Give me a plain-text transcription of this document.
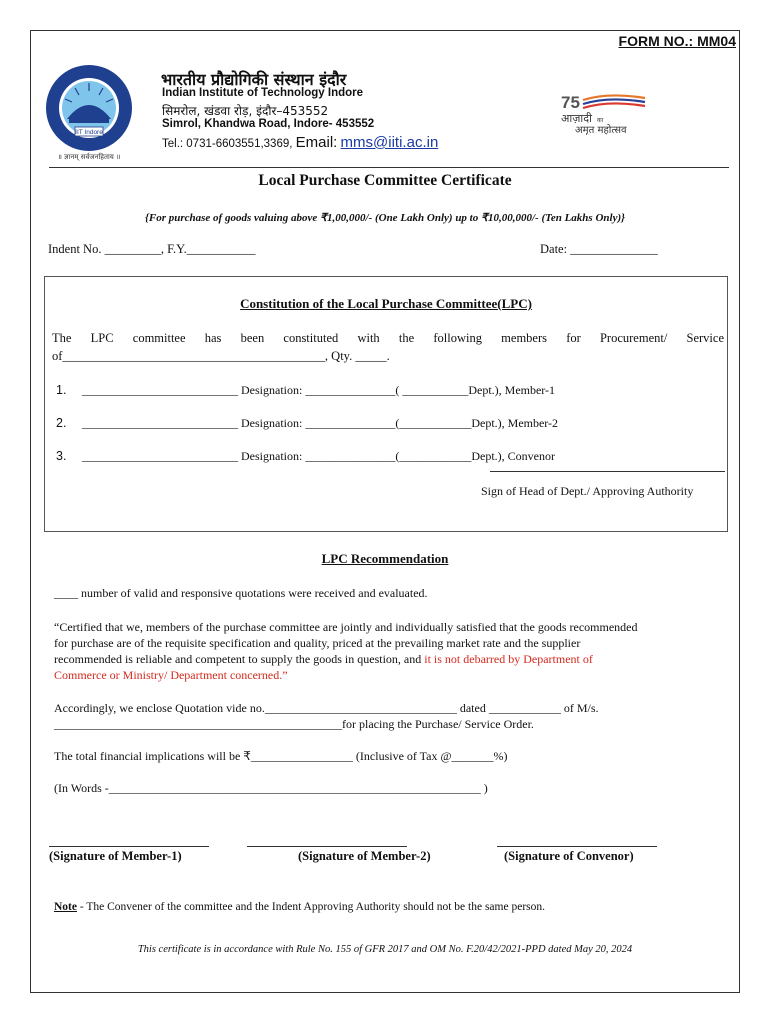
FORM NO.: MM04
IIT Indore
॥ ज्ञानम् सर्वजनहिताय ॥
भारतीय प्रौद्योगिकी संस्थान इंदौर
Indian Institute of Technology Indore
सिमरोल, खंडवा रोड़, इंदौर–453552
Simrol, Khandwa Road, Indore- 453552
Tel.: 0731-6603551,3369, Email: mms@iiti.ac.in
75
आज़ादी का
अमृत महोत्सव
Local Purchase Committee Certificate
{For purchase of goods valuing above ₹1,00,000/- (One Lakh Only) up to ₹10,00,000/- (Ten Lakhs Only)}
Indent No. _________, F.Y.___________	Date: ______________
Constitution of the Local Purchase Committee(LPC)
The LPC committee has been constituted with the following members for Procurement/ Service
of__________________________________________, Qty. _____.
1. __________________________ Designation: _______________( ___________Dept.), Member-1
2. __________________________ Designation: _______________(____________Dept.), Member-2
3. __________________________ Designation: _______________(____________Dept.), Convenor
Sign of Head of Dept./ Approving Authority
LPC Recommendation
____ number of valid and responsive quotations were received and evaluated.
“Certified that we, members of the purchase committee are jointly and individually satisfied that the goods recommended
for purchase are of the requisite specification and quality, priced at the prevailing market rate and the supplier
recommended is reliable and competent to supply the goods in question, and it is not debarred by Department of
Commerce or Ministry/ Department concerned.”
Accordingly, we enclose Quotation vide no.________________________________ dated ____________ of M/s.
________________________________________________for placing the Purchase/ Service Order.
The total financial implications will be ₹_________________ (Inclusive of Tax @_______%)
(In Words -______________________________________________________________ )
(Signature of Member-1)	(Signature of Member-2)	(Signature of Convenor)
Note - The Convener of the committee and the Indent Approving Authority should not be the same person.
This certificate is in accordance with Rule No. 155 of GFR 2017 and OM No. F.20/42/2021-PPD dated May 20, 2024
